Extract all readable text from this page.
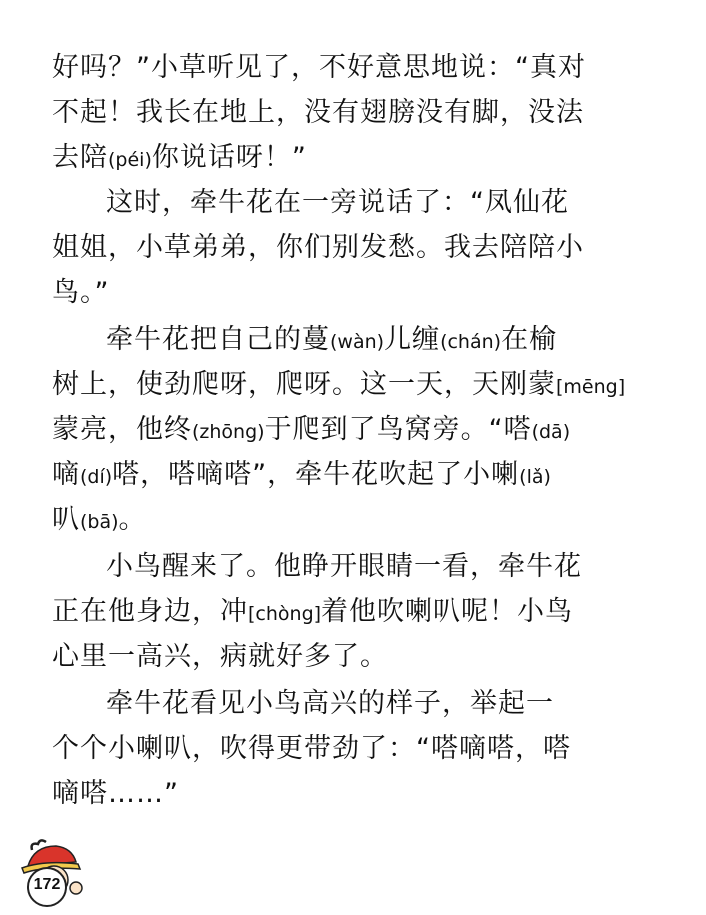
好吗？”小草听见了，不好意思地说：“真对
不起！我长在地上，没有翅膀没有脚，没法
去陪(péi)你说话呀！”
这时，牵牛花在一旁说话了：“凤仙花
姐姐，小草弟弟，你们别发愁。我去陪陪小
鸟。”
牵牛花把自己的蔓(wàn)儿缠(chán)在榆
树上，使劲爬呀，爬呀。这一天，天刚蒙[mēng]
蒙亮，他终(zhōng)于爬到了鸟窝旁。“嗒(dā)
嘀(dí)嗒，嗒嘀嗒”，牵牛花吹起了小喇(lǎ)
叭(bā)。
小鸟醒来了。他睁开眼睛一看，牵牛花
正在他身边，冲[chòng]着他吹喇叭呢！小鸟
心里一高兴，病就好多了。
牵牛花看见小鸟高兴的样子，举起一
个个小喇叭，吹得更带劲了：“嗒嘀嗒，嗒
嘀嗒……”
172
